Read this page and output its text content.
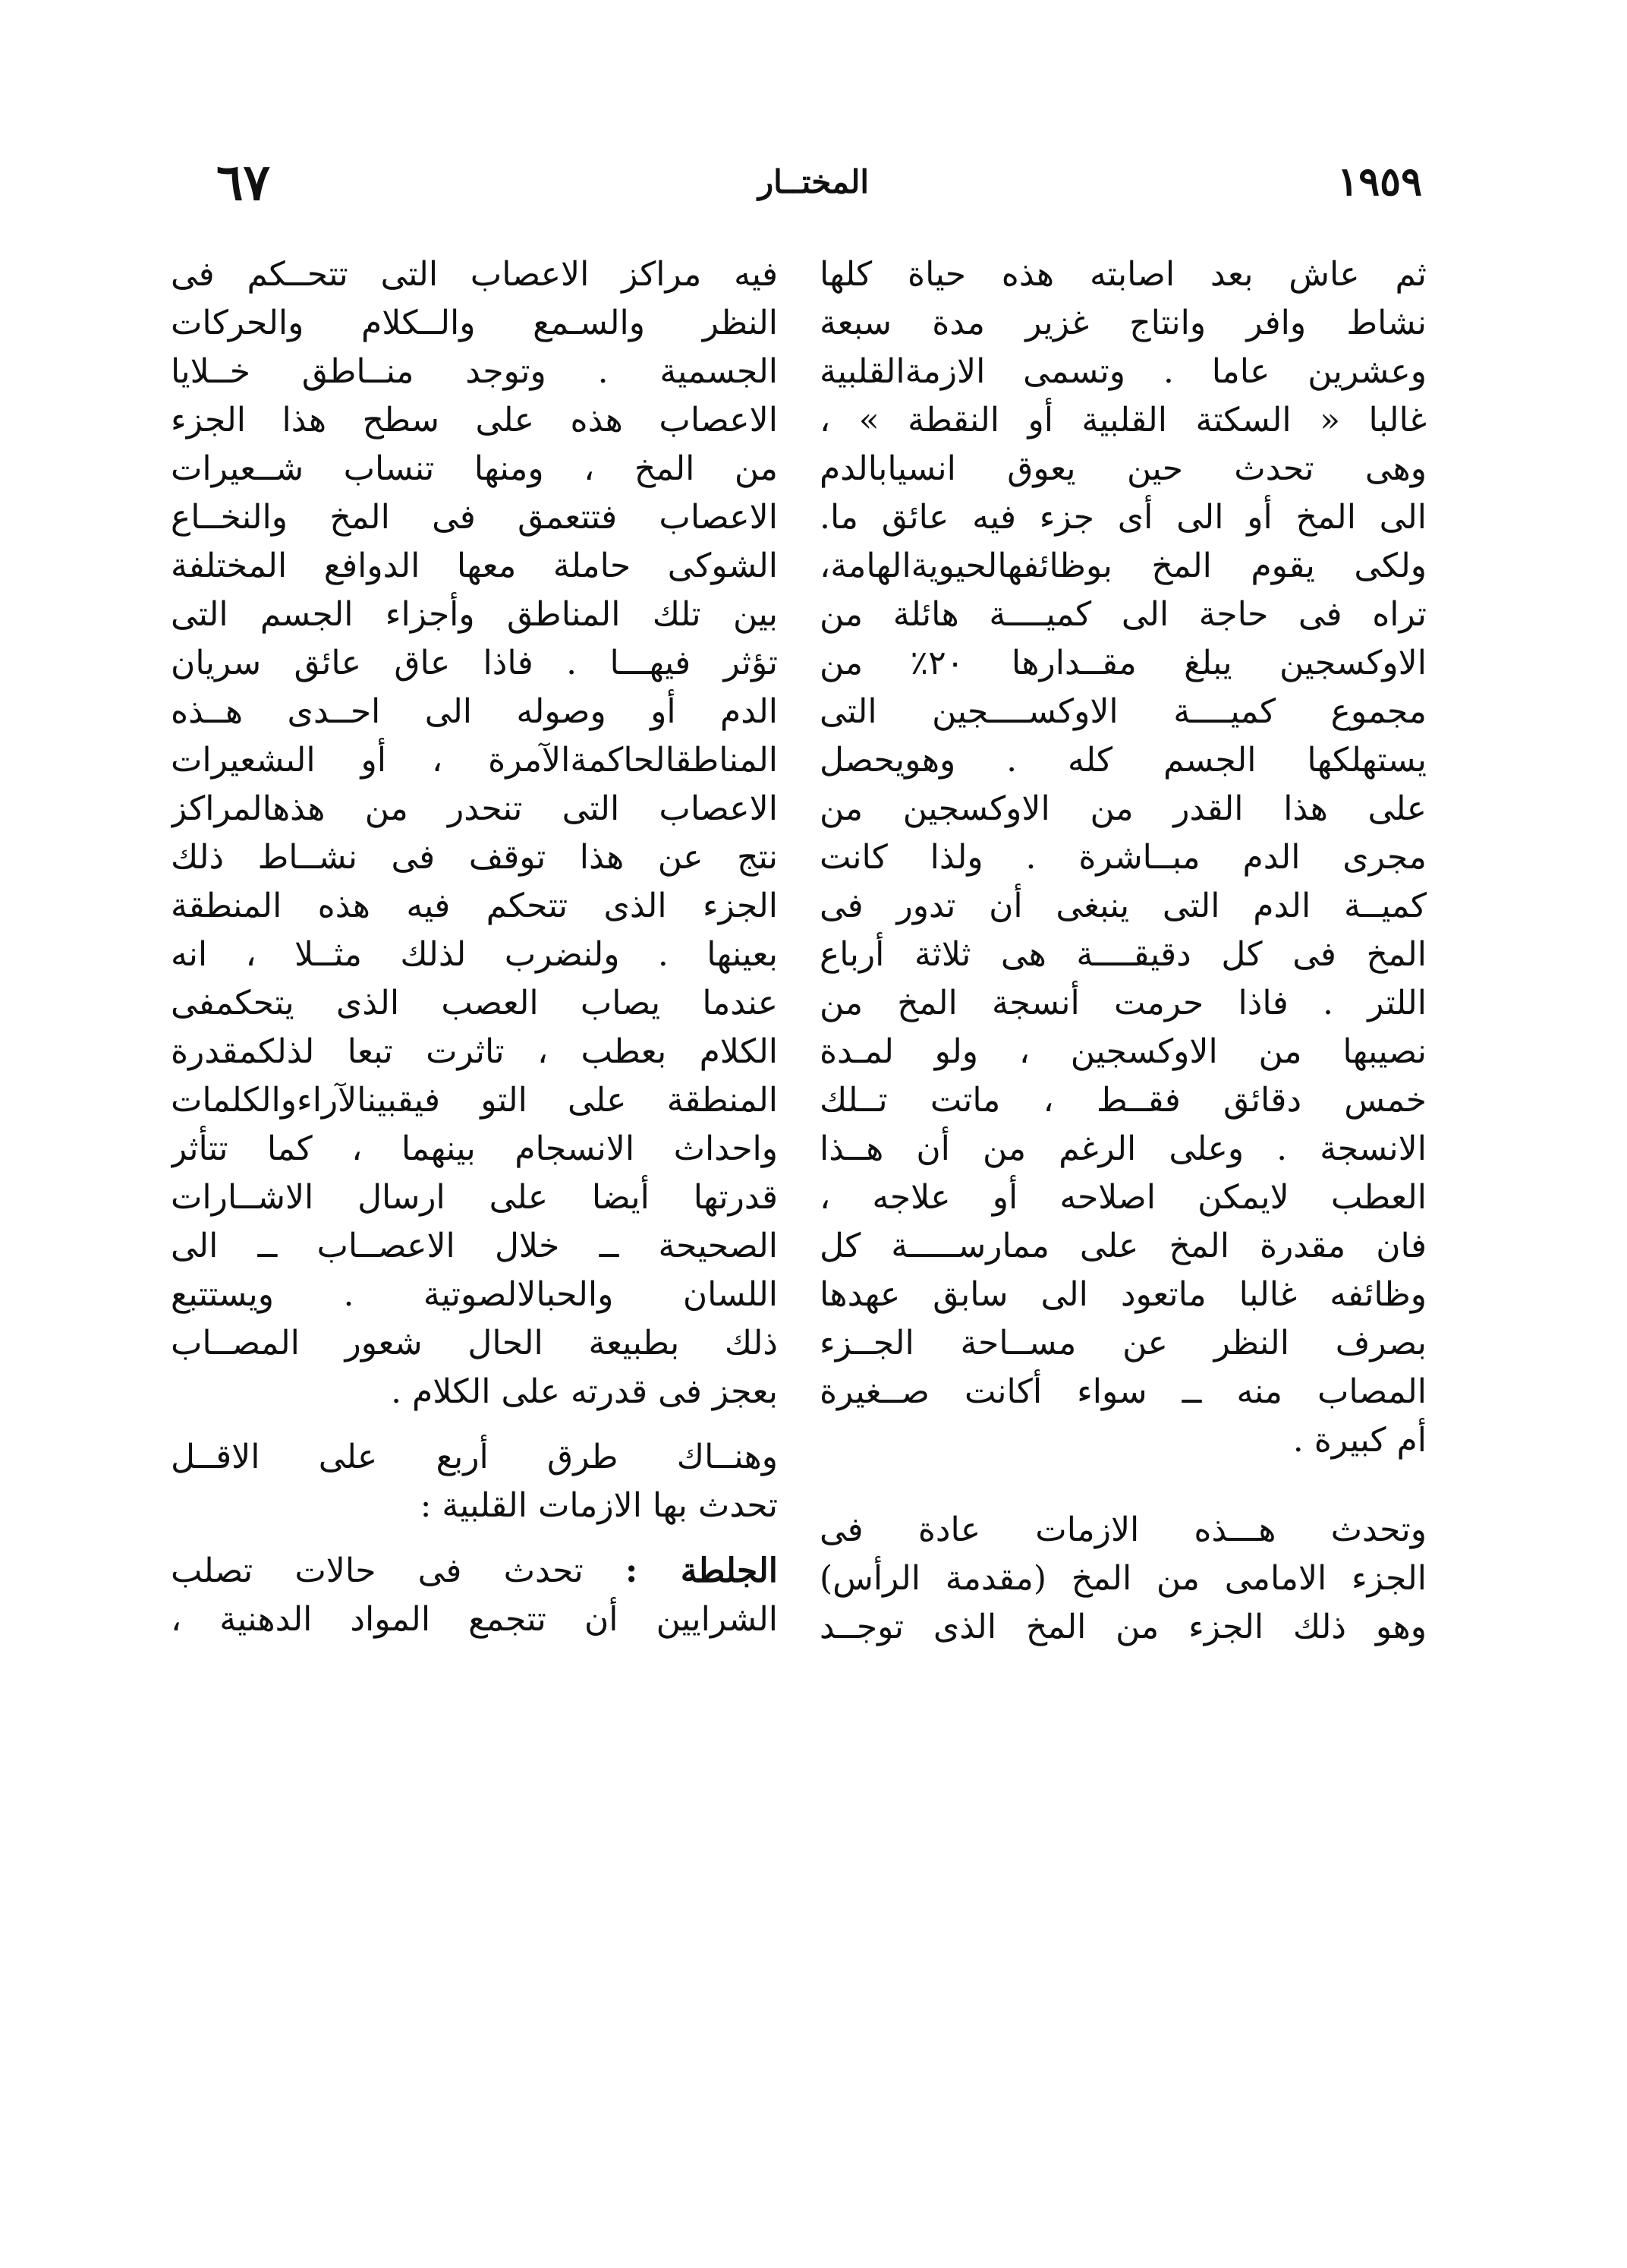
٦٧	المختــار	١٩٥٩
ثم عاش بعد اصابته هذه حياة كلها
نشاط وافر وانتاج غزير مدة سبعة
وعشرين عاما . وتسمى الازمةالقلبية
غالبا « السكتة القلبية أو النقطة » ،
وهى تحدث حين يعوق انسيابالدم
الى المخ أو الى أى جزء فيه عائق ما.
ولكى يقوم المخ بوظائفهالحيويةالهامة،
تراه فى حاجة الى كميــــة هائلة من
الاوكسجين يبلغ مقــدارها ٢٠٪ من
مجموع كميــــة الاوكســــجين التى
يستهلكها الجسم كله . وهويحصل
على هذا القدر من الاوكسجين من
مجرى الدم مبــاشرة . ولذا كانت
كميــة الدم التى ينبغى أن تدور فى
المخ فى كل دقيقــــة هى ثلاثة أرباع
اللتر . فاذا حرمت أنسجة المخ من
نصيبها من الاوكسجين ، ولو لمـدة
خمس دقائق فقــط ، ماتت تــلك
الانسجة . وعلى الرغم من أن هــذا
العطب لايمكن اصلاحه أو علاجه ،
فان مقدرة المخ على ممارســـــة كل
وظائفه غالبا ماتعود الى سابق عهدها
بصرف النظر عن مســاحة الجــزء
المصاب منه ــ سواء أكانت صــغيرة
أم كبيرة .
وتحدث هـــذه الازمات عادة فى
الجزء الامامى من المخ (مقدمة الرأس)
وهو ذلك الجزء من المخ الذى توجــد
فيه مراكز الاعصاب التى تتحــكم فى
النظر والسـمع والــكلام والحركات
الجسمية . وتوجد منــاطق خــلايا
الاعصاب هذه على سطح هذا الجزء
من المخ ، ومنها تنساب شــعيرات
الاعصاب فتتعمق فى المخ والنخــاع
الشوكى حاملة معها الدوافع المختلفة
بين تلك المناطق وأجزاء الجسم التى
تؤثر فيهـــا . فاذا عاق عائق سريان
الدم أو وصوله الى احــدى هــذه
المناطقالحاكمةالآمرة ، أو الىشعيرات
الاعصاب التى تنحدر من هذهالمراكز
نتج عن هذا توقف فى نشــاط ذلك
الجزء الذى تتحكم فيه هذه المنطقة
بعينها . ولنضرب لذلك مثــلا ، انه
عندما يصاب العصب الذى يتحكمفى
الكلام بعطب ، تاثرت تبعا لذلكمقدرة
المنطقة على التو فيقبينالآراءوالكلمات
واحداث الانسجام بينهما ، كما تتأثر
قدرتها أيضا على ارسال الاشــارات
الصحيحة ــ خلال الاعصــاب ــ الى
اللسان والحبالالصوتية . ويستتبع
ذلك بطبيعة الحال شعور المصــاب
بعجز فى قدرته على الكلام .
وهنــاك طرق أربع على الاقــل
تحدث بها الازمات القلبية :
الجلطة : تحدث فى حالات تصلب
الشرايين أن تتجمع المواد الدهنية ،
